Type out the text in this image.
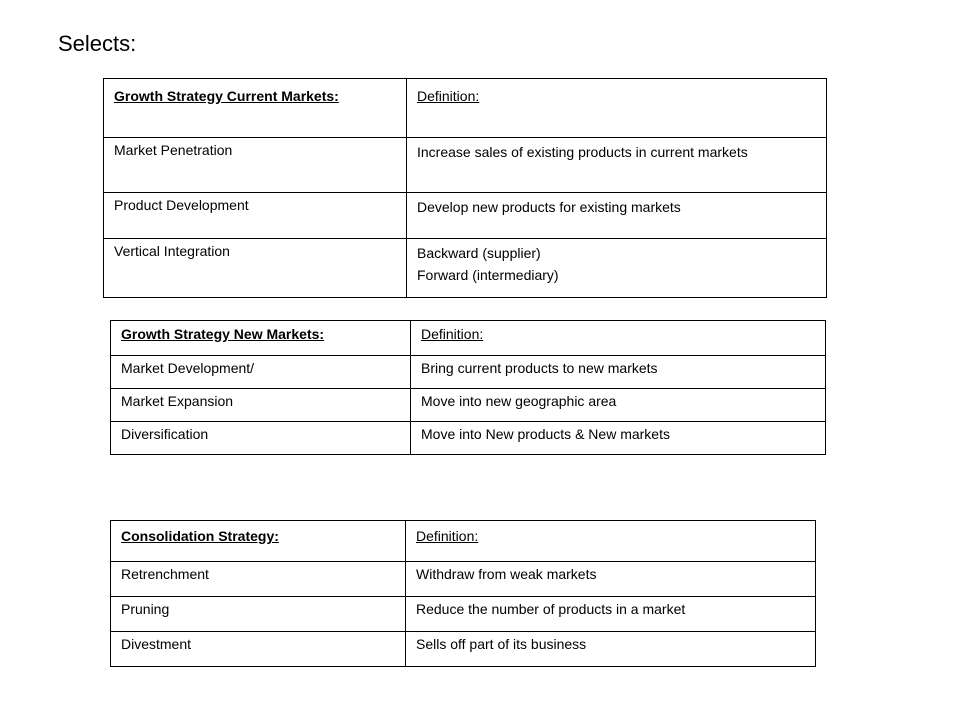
Selects:
Growth Strategy Current Markets:	Definition:
Market Penetration	Increase sales of existing products in current markets

Product Development	Develop new products for existing markets

Vertical Integration	Backward (supplier)
Forward (intermediary)
Growth Strategy New Markets:	Definition:
Market Development/	Bring current products to new markets

Market Expansion	Move into new geographic area

Diversification	Move into New products & New markets
Consolidation Strategy:	Definition:
Retrenchment	Withdraw from weak markets

Pruning	Reduce the number of products in a market

Divestment	Sells off part of its business
